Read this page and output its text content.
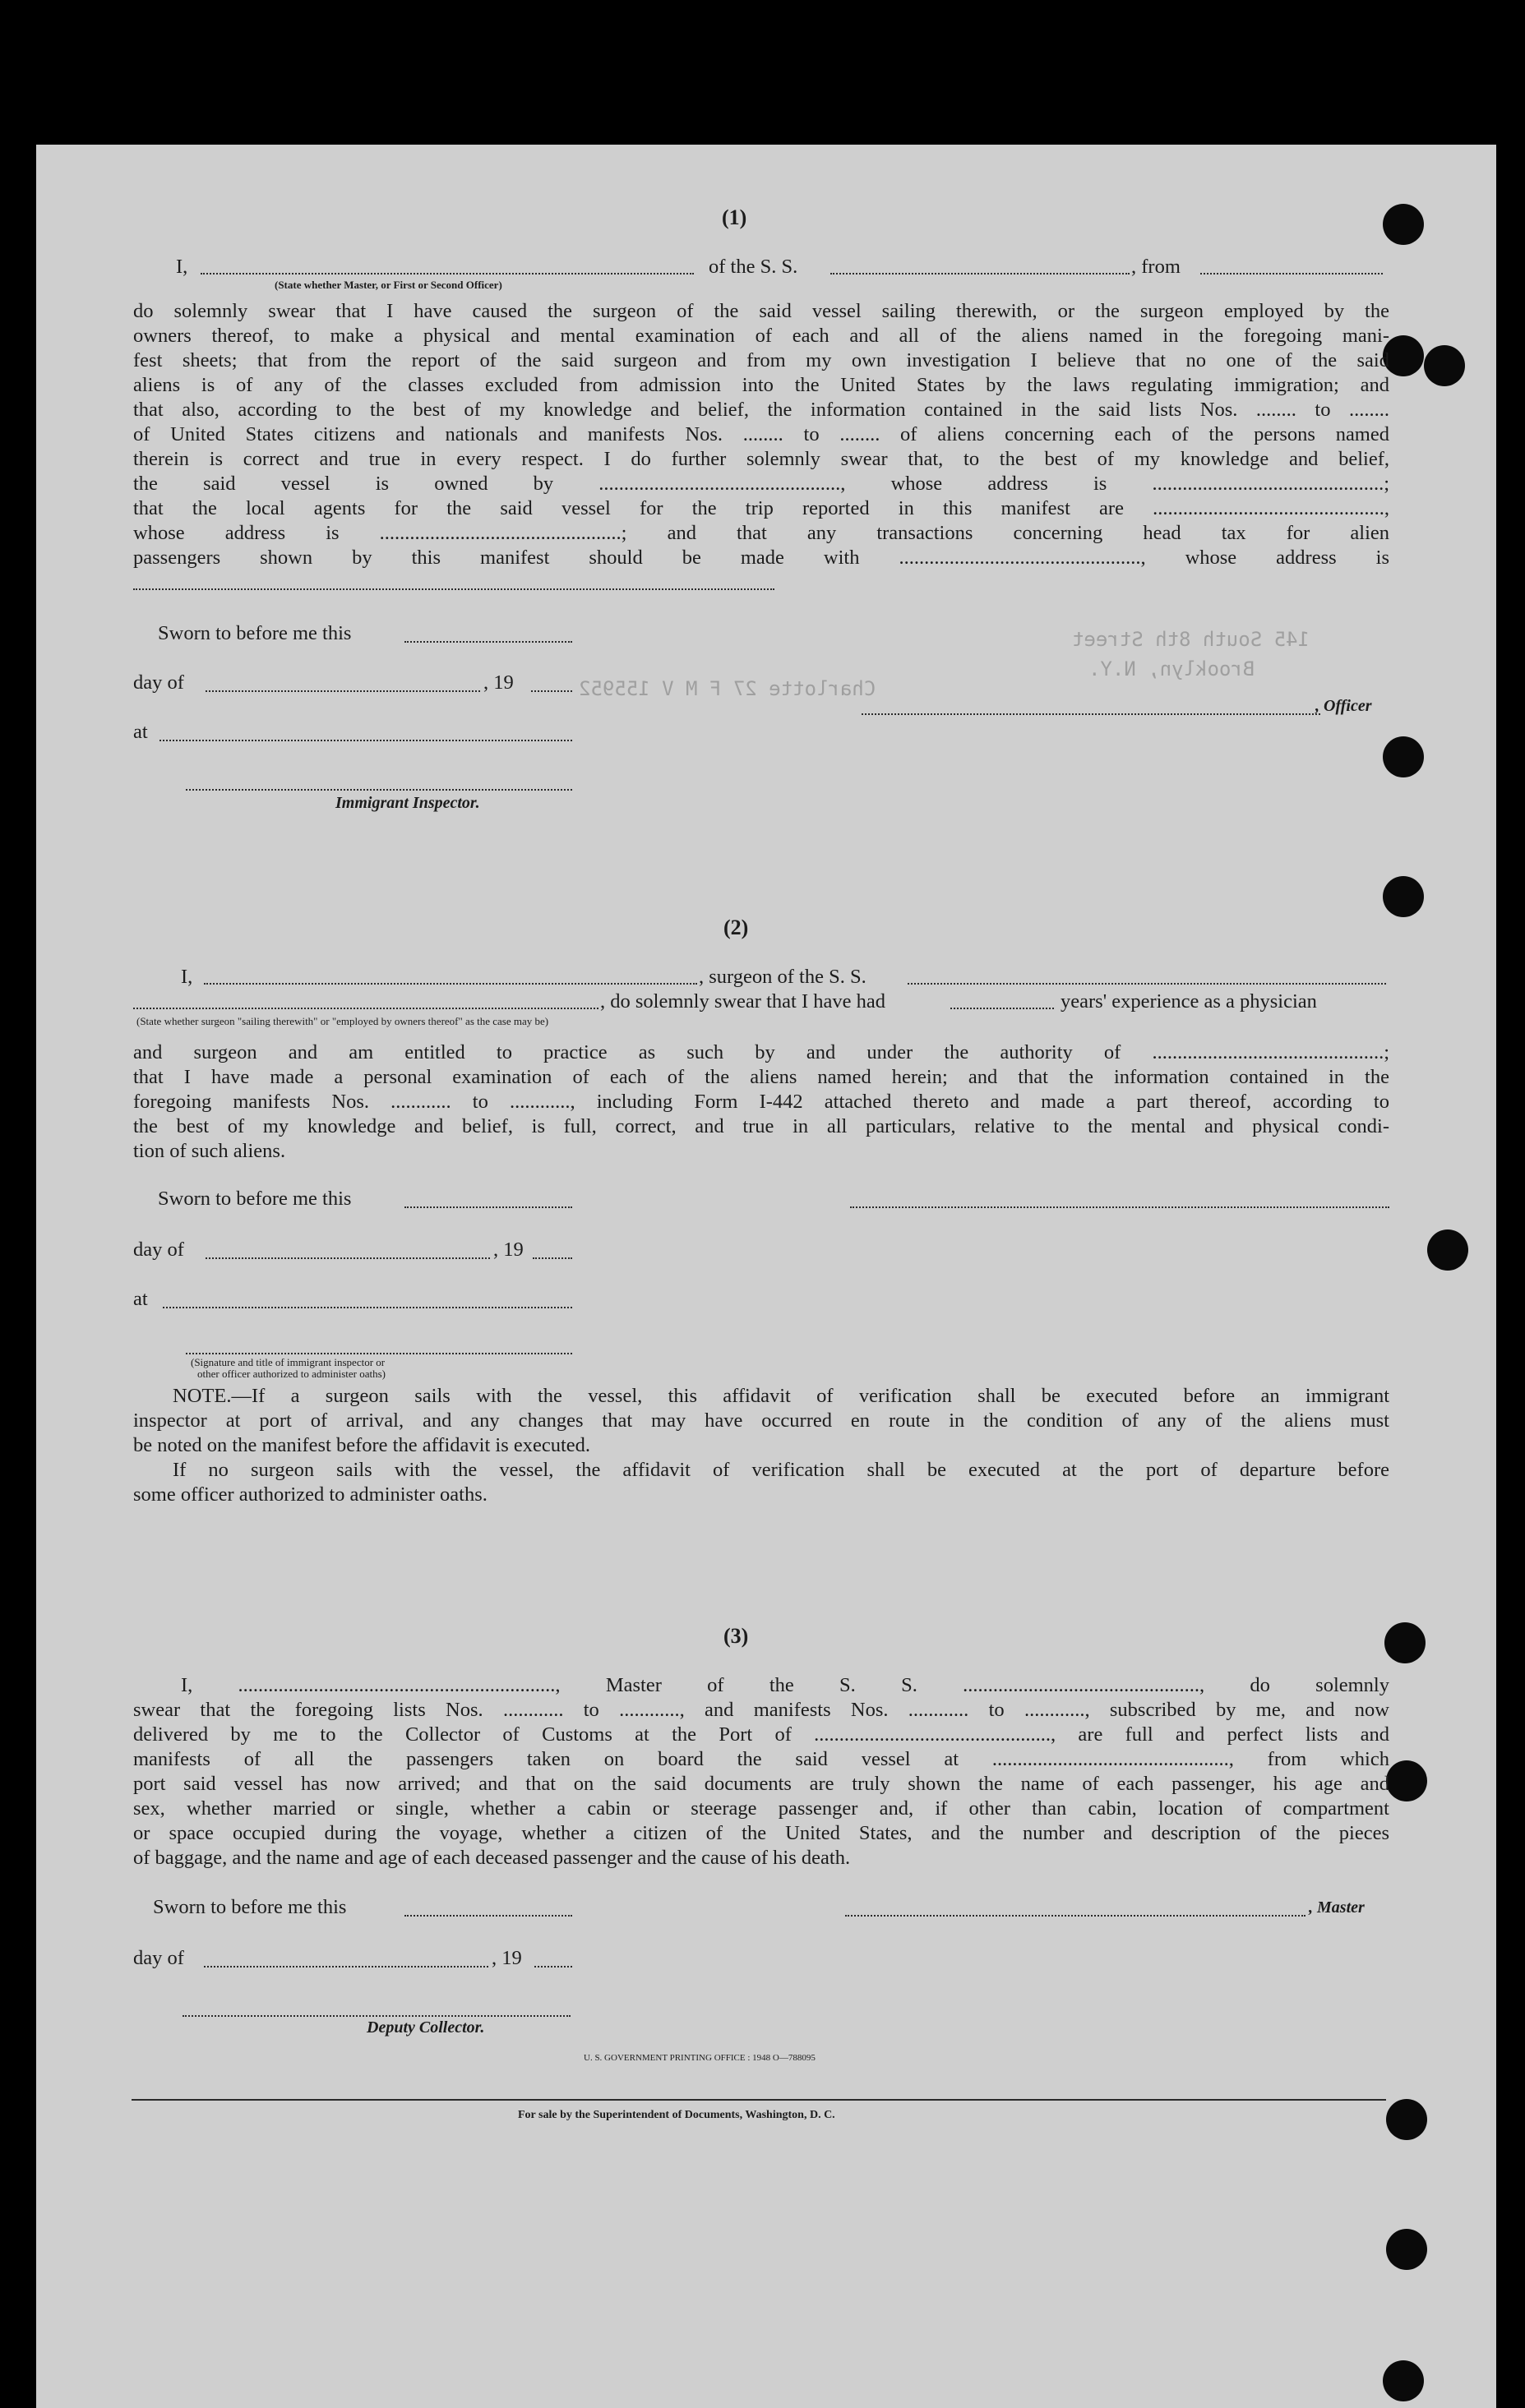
Charlotte 27 F M V 155952
Brooklyn, N.Y.
145 South 8th Street
(1)
I,	of the S. S.	, from
(State whether Master, or First or Second Officer)
do solemnly swear that I have caused the surgeon of the said vessel sailing therewith, or the surgeon employed by the
owners thereof, to make a physical and mental examination of each and all of the aliens named in the foregoing mani-
fest sheets; that from the report of the said surgeon and from my own investigation I believe that no one of the said
aliens is of any of the classes excluded from admission into the United States by the laws regulating immigration; and
that also, according to the best of my knowledge and belief, the information contained in the said lists Nos. ........ to ........
of United States citizens and nationals and manifests Nos. ........ to ........ of aliens concerning each of the persons named
therein is correct and true in every respect. I do further solemnly swear that, to the best of my knowledge and belief,
the said vessel is owned by ................................................, whose address is ..............................................;
that the local agents for the said vessel for the trip reported in this manifest are ..............................................,
whose address is ................................................; and that any transactions concerning head tax for alien
passengers shown by this manifest should be made with ................................................, whose address is
Sworn to before me this
day of	, 19
at
, Officer
Immigrant Inspector.
(2)
I,	, surgeon of the S. S.
, do solemnly swear that I have had	years' experience as a physician
(State whether surgeon "sailing therewith" or "employed by owners thereof" as the case may be)
and surgeon and am entitled to practice as such by and under the authority of ..............................................;
that I have made a personal examination of each of the aliens named herein; and that the information contained in the
foregoing manifests Nos. ............ to ............, including Form I-442 attached thereto and made a part thereof, according to
the best of my knowledge and belief, is full, correct, and true in all particulars, relative to the mental and physical condi-
tion of such aliens.
Sworn to before me this
day of	, 19
at
(Signature and title of immigrant inspector or
other officer authorized to administer oaths)
NOTE.—If a surgeon sails with the vessel, this affidavit of verification shall be executed before an immigrant
inspector at port of arrival, and any changes that may have occurred en route in the condition of any of the aliens must
be noted on the manifest before the affidavit is executed.
If no surgeon sails with the vessel, the affidavit of verification shall be executed at the port of departure before
some officer authorized to administer oaths.
(3)
I, ..............................................................., Master of the S. S. ..............................................., do solemnly
swear that the foregoing lists Nos. ............ to ............, and manifests Nos. ............ to ............, subscribed by me, and now
delivered by me to the Collector of Customs at the Port of ..............................................., are full and perfect lists and
manifests of all the passengers taken on board the said vessel at ..............................................., from which
port said vessel has now arrived; and that on the said documents are truly shown the name of each passenger, his age and
sex, whether married or single, whether a cabin or steerage passenger and, if other than cabin, location of compartment
or space occupied during the voyage, whether a citizen of the United States, and the number and description of the pieces
of baggage, and the name and age of each deceased passenger and the cause of his death.
Sworn to before me this	, Master
day of	, 19
Deputy Collector.
U. S. GOVERNMENT PRINTING OFFICE : 1948 O—788095
For sale by the Superintendent of Documents, Washington, D. C.
